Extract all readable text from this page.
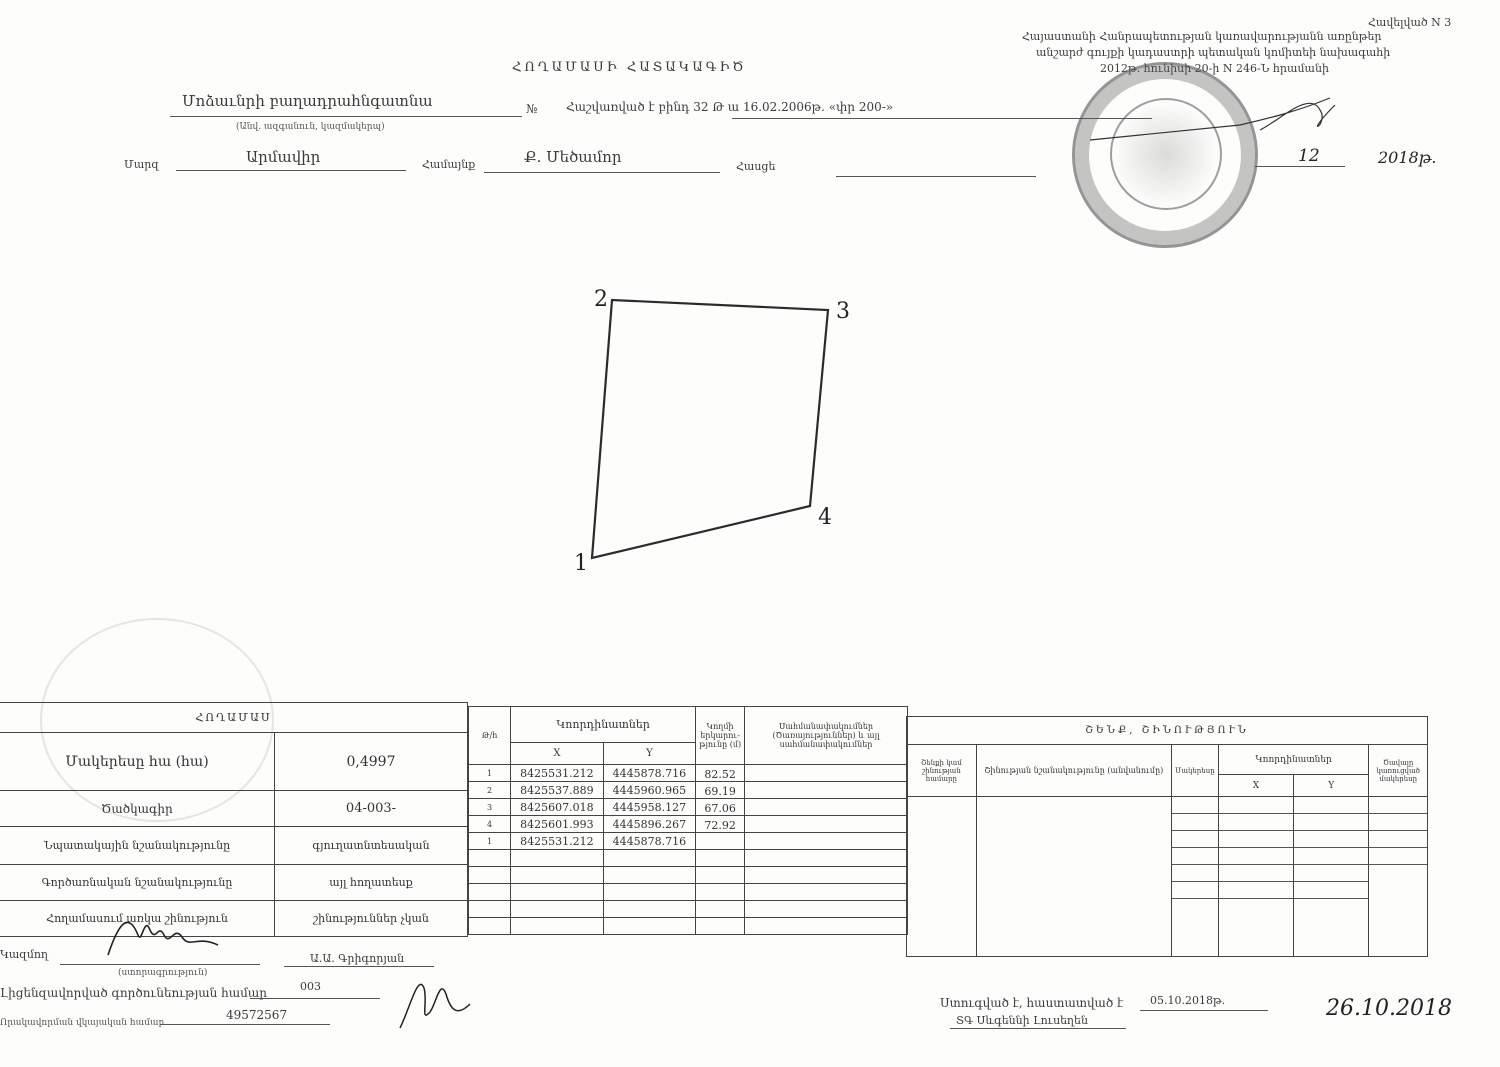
Հավելված N 3
Հայաստանի Հանրապետության կառավարությանն առընթեր
անշարժ գույքի կադաստրի պետական կոմիտեի նախագահի
2012թ. հունիսի 20-ի N 246-Ն հրամանի
ՀՈՂԱՄԱՍԻ ՀԱՏԱԿԱԳԻԾ
Մոձաւնրի բաղադրահնգատնա
(Անվ. ազգանուն, կազմակերպ)
№ Հաշվառված է բինդ 32 Թ ա 16.02.2006թ. «փր 200-»
Մարզ	Արմավիր	Համայնք	Ք. Մեծամոր
Հասցե
12	2018թ.
1
2	3
4
ՀՈՂԱՄԱՍ	
Մակերեսը հա (հա)	0,4997
Ծածկագիր	04-003-
Նպատակային նշանակությունը	գյուղատնտեսական
Գործառնական նշանակությունը	այլ հողատեսք
Հողամասում առկա շինություն	շինություններ չկան
Թ/հ	Կոորդինատներ		Կողմի երկարու-թյունը (մ)	Սահմանափակումներ (Ծառայություններ) և այլ սահմանափակումներ
	X	Y		
1	8425531.212	4445878.716	82.52	
2	8425537.889	4445960.965	69.19	
3	8425607.018	4445958.127	67.06	
4	8425601.993	4445896.267	72.92	
1	8425531.212	4445878.716		

ՇԵՆՔ, ՇԻՆՈՒԹՅՈՒՆ					
Շենքի կամ շինության համարը	Շինության նշանակությունը (անվանումը)	Մակերեսը	Կոորդինատներ		Ծավալը կառուցված մակերեսը
			X	Y	

Կազմող
(ստորագրություն)
Ա.Ա. Գրիգորյան
Լիցենզավորված գործունեության համար	003
Որակավորման վկայական համար
49572567
Ստուգված է, հաստատված է
ՏԳ Սևգեննի Լուսեղեն
05.10.2018թ.	26.10.2018
